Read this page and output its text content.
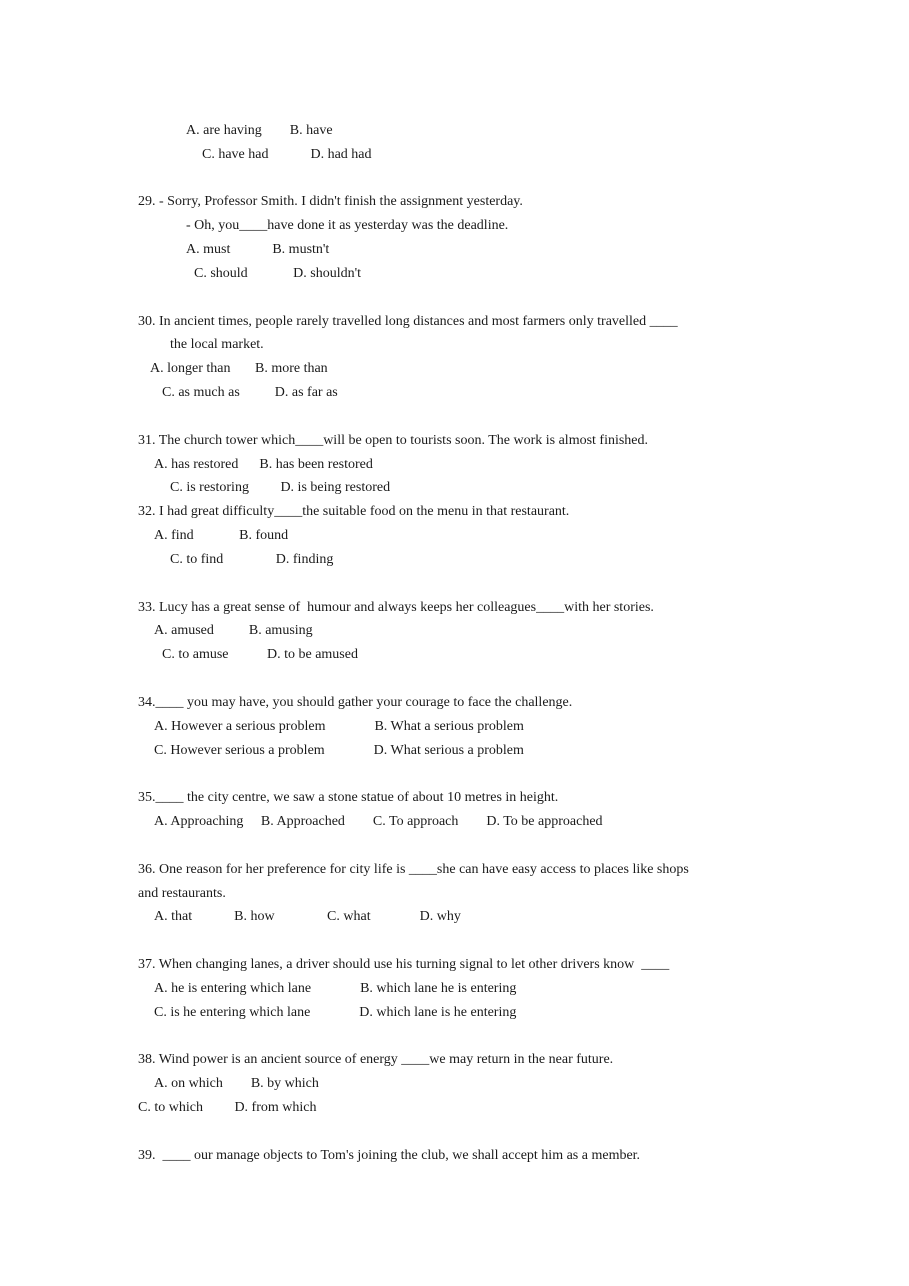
A. are having        B. have
C. have had            D. had had
29. - Sorry, Professor Smith. I didn't finish the assignment yesterday.
- Oh, you____have done it as yesterday was the deadline.
A. must            B. mustn't
C. should             D. shouldn't
30. In ancient times, people rarely travelled long distances and most farmers only travelled ____
the local market.
A. longer than       B. more than
C. as much as          D. as far as
31. The church tower which____will be open to tourists soon. The work is almost finished.
A. has restored      B. has been restored
C. is restoring         D. is being restored
32. I had great difficulty____the suitable food on the menu in that restaurant.
A. find             B. found
C. to find               D. finding
33. Lucy has a great sense of  humour and always keeps her colleagues____with her stories.
A. amused          B. amusing
C. to amuse           D. to be amused
34.____ you may have, you should gather your courage to face the challenge.
A. However a serious problem              B. What a serious problem
C. However serious a problem              D. What serious a problem
35.____ the city centre, we saw a stone statue of about 10 metres in height.
A. Approaching     B. Approached        C. To approach        D. To be approached
36. One reason for her preference for city life is ____she can have easy access to places like shops
and restaurants.
A. that            B. how               C. what              D. why
37. When changing lanes, a driver should use his turning signal to let other drivers know  ____
A. he is entering which lane              B. which lane he is entering
C. is he entering which lane              D. which lane is he entering
38. Wind power is an ancient source of energy ____we may return in the near future.
A. on which        B. by which
C. to which         D. from which
39.  ____ our manage objects to Tom's joining the club, we shall accept him as a member.
